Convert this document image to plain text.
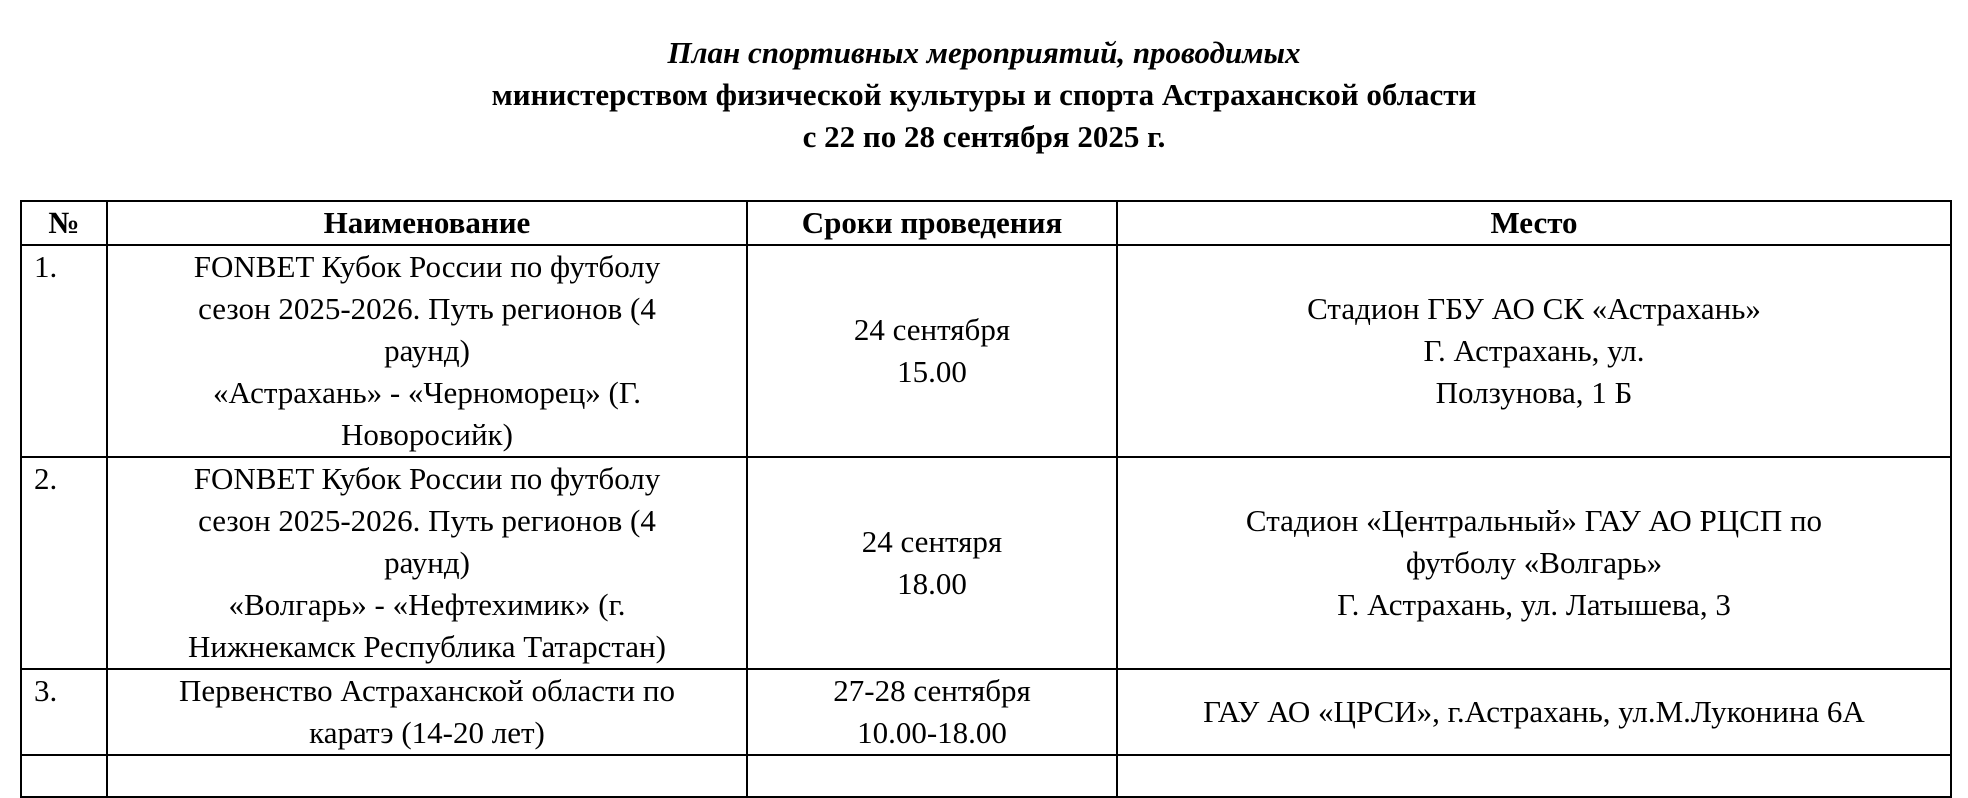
План спортивных мероприятий, проводимых
министерством физической культуры и спорта Астраханской области
с 22 по 28 сентября 2025 г.
№	Наименование	Сроки проведения	Место
1.	FONBET Кубок России по футболу
сезон 2025-2026. Путь регионов (4
раунд)
«Астрахань» - «Черноморец» (Г.
Новоросийк)	24 сентября
15.00	Стадион ГБУ АО СК «Астрахань»
Г. Астрахань, ул.
Ползунова, 1 Б

2.	FONBET Кубок России по футболу
сезон 2025-2026. Путь регионов (4
раунд)
«Волгарь» - «Нефтехимик» (г.
Нижнекамск Республика Татарстан)	24 сентяря
18.00	Стадион «Центральный» ГАУ АО РЦСП по
футболу «Волгарь»
Г. Астрахань, ул. Латышева, 3

3.	Первенство Астраханской области по
каратэ (14-20 лет)	27-28 сентября
10.00-18.00	ГАУ АО «ЦРСИ», г.Астрахань, ул.М.Луконина 6А
